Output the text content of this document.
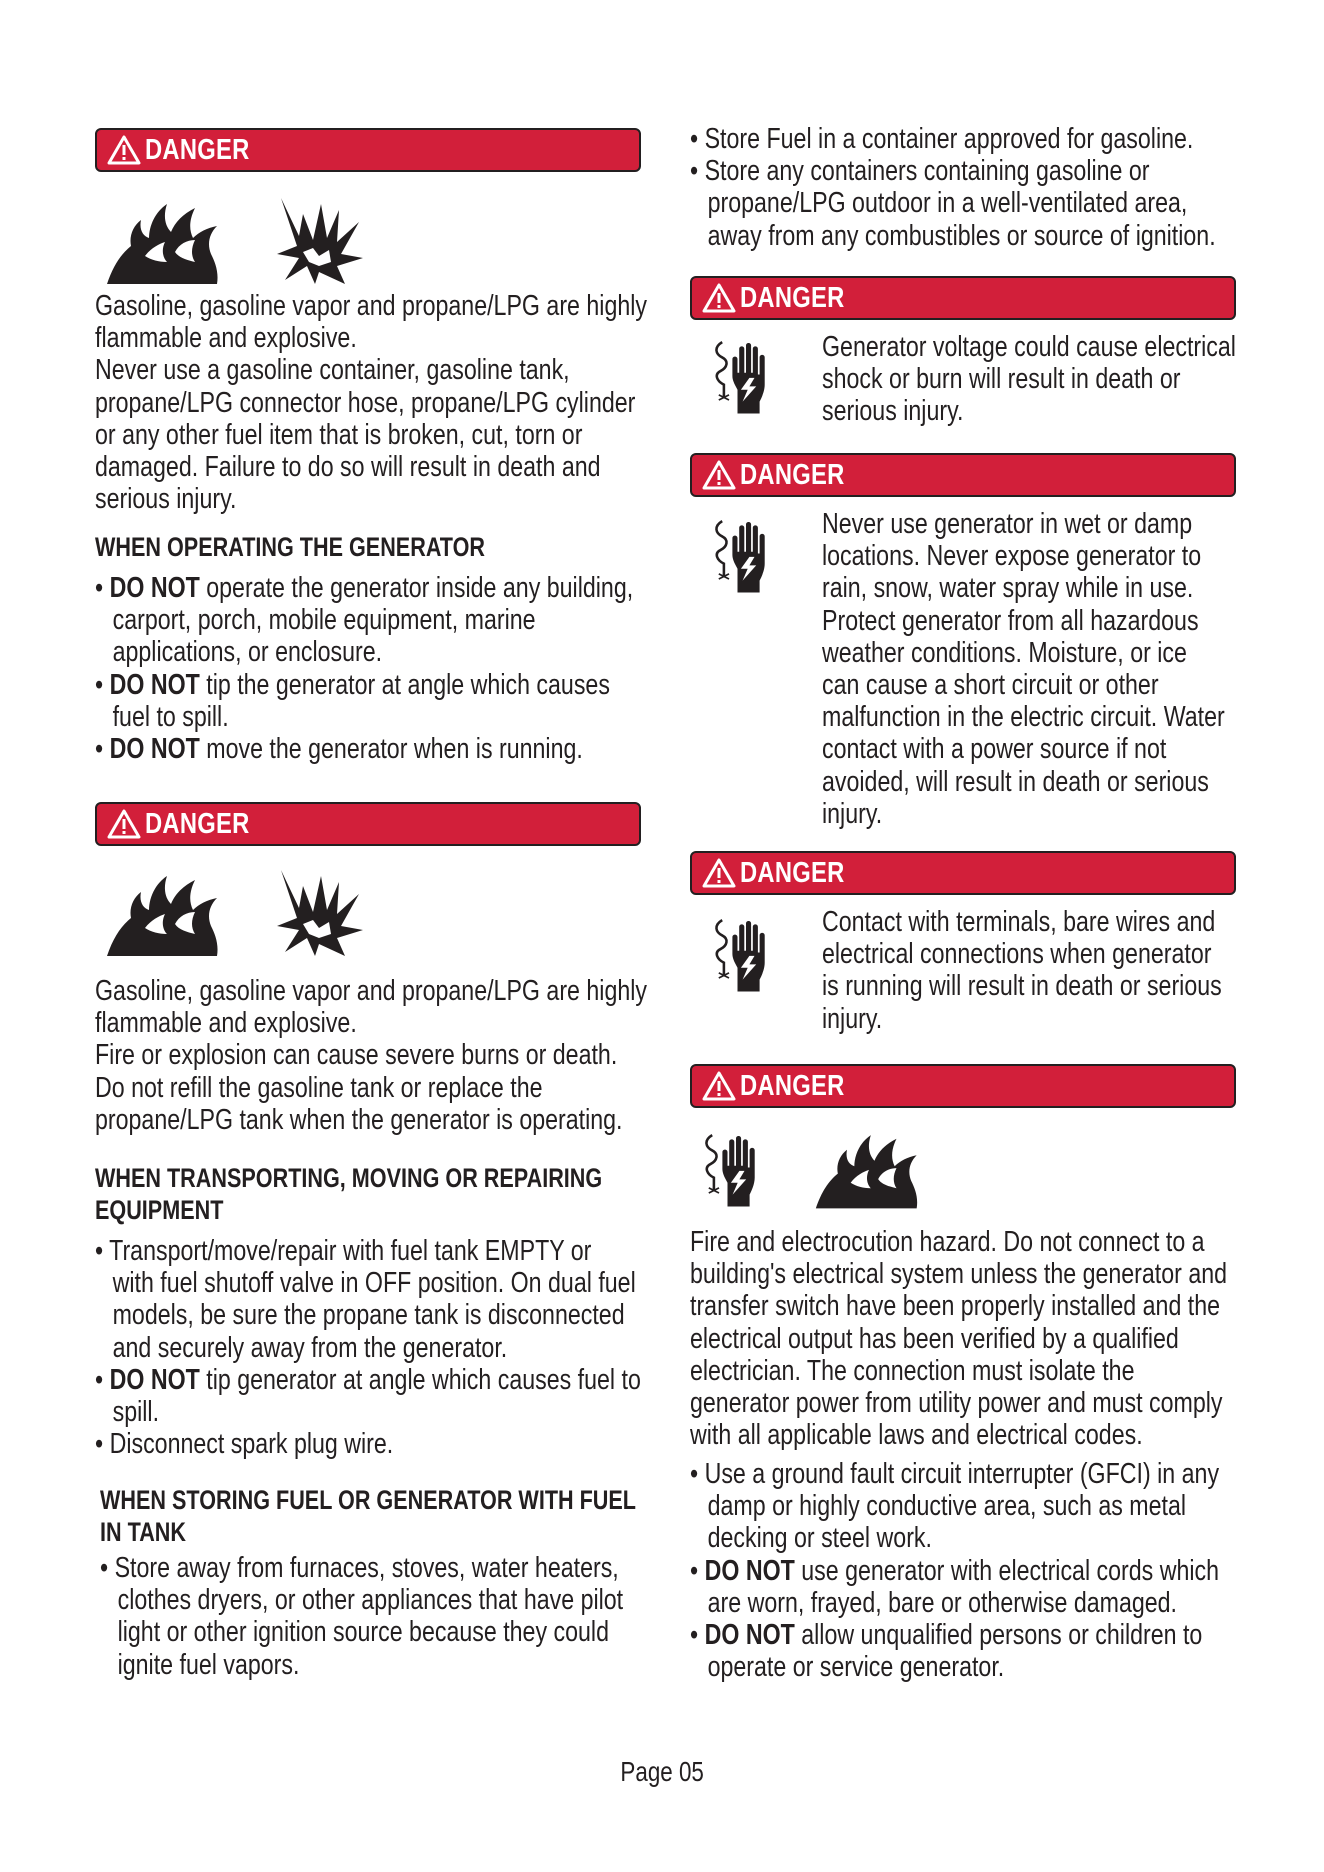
DANGER
Gasoline, gasoline vapor and propane/LPG are highly
flammable and explosive.
Never use a gasoline container, gasoline tank,
propane/LPG connector hose, propane/LPG cylinder
or any other fuel item that is broken, cut, torn or
damaged. Failure to do so will result in death and
serious injury.
WHEN OPERATING THE GENERATOR
• DO NOT operate the generator inside any building,
carport, porch, mobile equipment, marine
applications, or enclosure.
• DO NOT tip the generator at angle which causes
fuel to spill.
• DO NOT move the generator when is running.
DANGER
Gasoline, gasoline vapor and propane/LPG are highly
flammable and explosive.
Fire or explosion can cause severe burns or death.
Do not refill the gasoline tank or replace the
propane/LPG tank when the generator is operating.
WHEN TRANSPORTING, MOVING OR REPAIRING
EQUIPMENT
• Transport/move/repair with fuel tank EMPTY or
with fuel shutoff valve in OFF position. On dual fuel
models, be sure the propane tank is disconnected
and securely away from the generator.
• DO NOT tip generator at angle which causes fuel to
spill.
• Disconnect spark plug wire.
WHEN STORING FUEL OR GENERATOR WITH FUEL
IN TANK
• Store away from furnaces, stoves, water heaters,
clothes dryers, or other appliances that have pilot
light or other ignition source because they could
ignite fuel vapors.
• Store Fuel in a container approved for gasoline.
• Store any containers containing gasoline or
propane/LPG outdoor in a well-ventilated area,
away from any combustibles or source of ignition.
DANGER
Generator voltage could cause electrical
shock or burn will result in death or
serious injury.
DANGER
Never use generator in wet or damp
locations. Never expose generator to
rain, snow, water spray while in use.
Protect generator from all hazardous
weather conditions. Moisture, or ice
can cause a short circuit or other
malfunction in the electric circuit. Water
contact with a power source if not
avoided, will result in death or serious
injury.
DANGER
Contact with terminals, bare wires and
electrical connections when generator
is running will result in death or serious
injury.
DANGER
Fire and electrocution hazard. Do not connect to a
building's electrical system unless the generator and
transfer switch have been properly installed and the
electrical output has been verified by a qualified
electrician. The connection must isolate the
generator power from utility power and must comply
with all applicable laws and electrical codes.
• Use a ground fault circuit interrupter (GFCI) in any
damp or highly conductive area, such as metal
decking or steel work.
• DO NOT use generator with electrical cords which
are worn, frayed, bare or otherwise damaged.
• DO NOT allow unqualified persons or children to
operate or service generator.
Page 05
